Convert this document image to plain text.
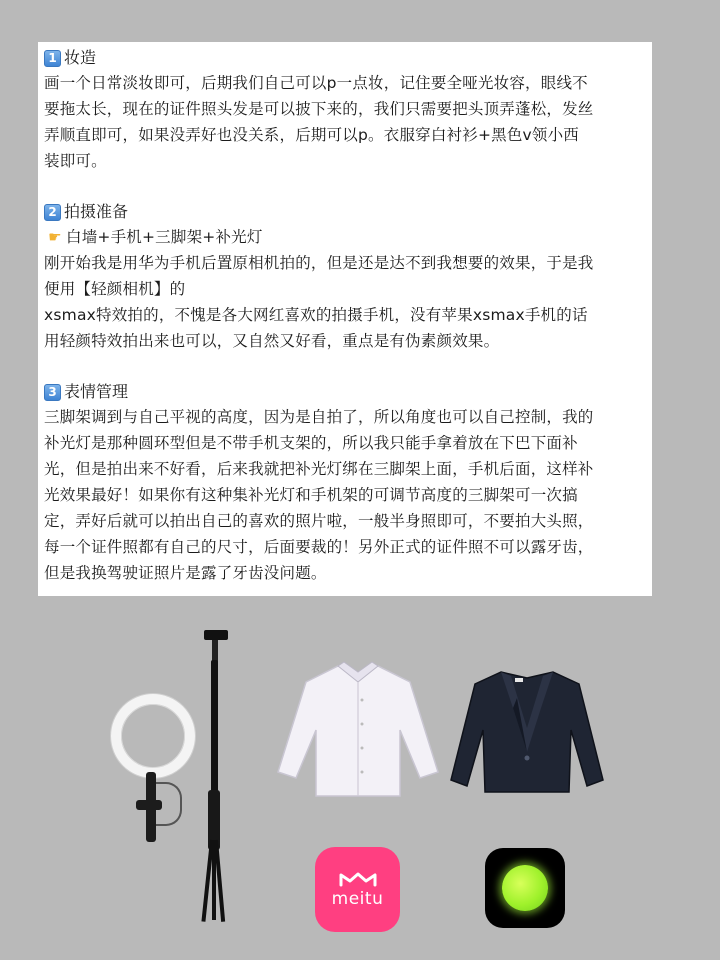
1 妆造

画一个日常淡妆即可，后期我们自己可以p一点妆，记住要全哑光妆容，眼线不

要拖太长，现在的证件照头发是可以披下来的，我们只需要把头顶弄蓬松，发丝

弄顺直即可，如果没弄好也没关系，后期可以p。衣服穿白衬衫+黑色v领小西

装即可。

2 拍摄准备

☛ 白墙+手机+三脚架+补光灯

刚开始我是用华为手机后置原相机拍的，但是还是达不到我想要的效果，于是我

便用【轻颜相机】的

xsmax特效拍的，不愧是各大网红喜欢的拍摄手机，没有苹果xsmax手机的话

用轻颜特效拍出来也可以，又自然又好看，重点是有伪素颜效果。

3 表情管理

三脚架调到与自己平视的高度，因为是自拍了，所以角度也可以自己控制，我的

补光灯是那种圆环型但是不带手机支架的，所以我只能手拿着放在下巴下面补

光，但是拍出来不好看，后来我就把补光灯绑在三脚架上面，手机后面，这样补

光效果最好！如果你有这种集补光灯和手机架的可调节高度的三脚架可一次搞

定，弄好后就可以拍出自己的喜欢的照片啦，一般半身照即可，不要拍大头照，

每一个证件照都有自己的尺寸，后面要裁的！另外正式的证件照不可以露牙齿，

但是我换驾驶证照片是露了牙齿没问题。

meitu
